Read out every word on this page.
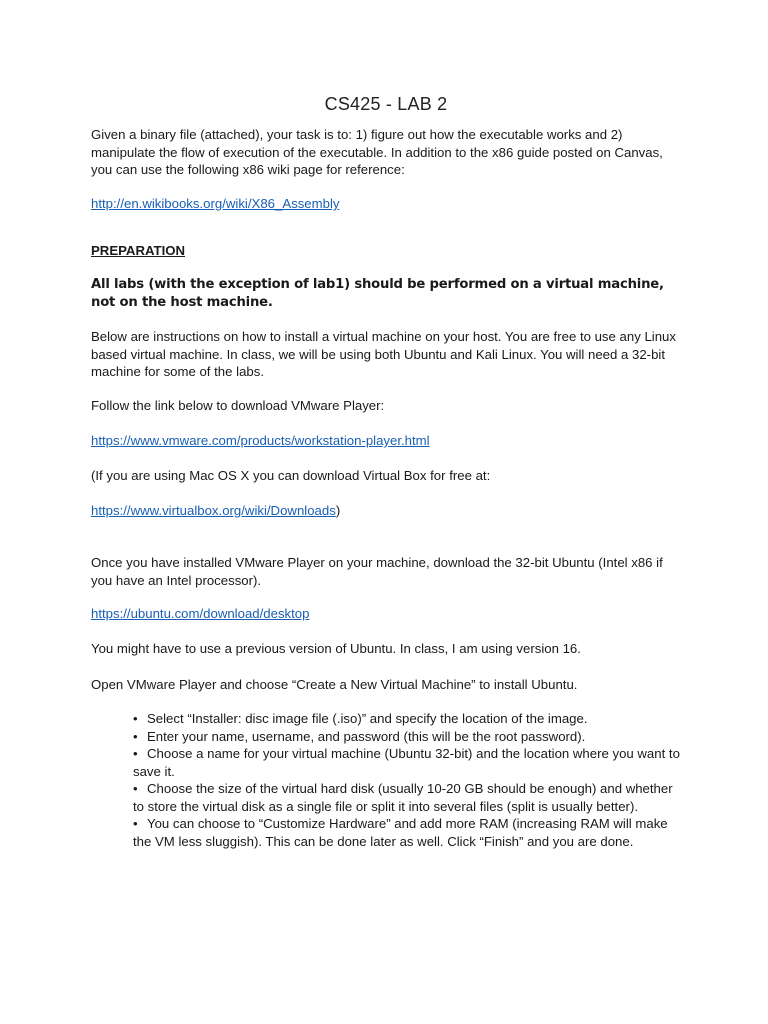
CS425 - LAB 2
Given a binary file (attached), your task is to: 1) figure out how the executable works and 2) manipulate the flow of execution of the executable. In addition to the x86 guide posted on Canvas, you can use the following x86 wiki page for reference:
http://en.wikibooks.org/wiki/X86_Assembly
PREPARATION
All labs (with the exception of lab1) should be performed on a virtual machine, not on the host machine.
Below are instructions on how to install a virtual machine on your host. You are free to use any Linux based virtual machine. In class, we will be using both Ubuntu and Kali Linux. You will need a 32-bit machine for some of the labs.
Follow the link below to download VMware Player:
https://www.vmware.com/products/workstation-player.html
(If you are using Mac OS X you can download Virtual Box for free at:
https://www.virtualbox.org/wiki/Downloads)
Once you have installed VMware Player on your machine, download the 32-bit Ubuntu (Intel x86 if you have an Intel processor).
https://ubuntu.com/download/desktop
You might have to use a previous version of Ubuntu. In class, I am using version 16.
Open VMware Player and choose “Create a New Virtual Machine” to install Ubuntu.
• Select “Installer: disc image file (.iso)” and specify the location of the image.
• Enter your name, username, and password (this will be the root password).
• Choose a name for your virtual machine (Ubuntu 32-bit) and the location where you want to save it.
• Choose the size of the virtual hard disk (usually 10-20 GB should be enough) and whether to store the virtual disk as a single file or split it into several files (split is usually better).
• You can choose to “Customize Hardware” and add more RAM (increasing RAM will make the VM less sluggish). This can be done later as well. Click “Finish” and you are done.
